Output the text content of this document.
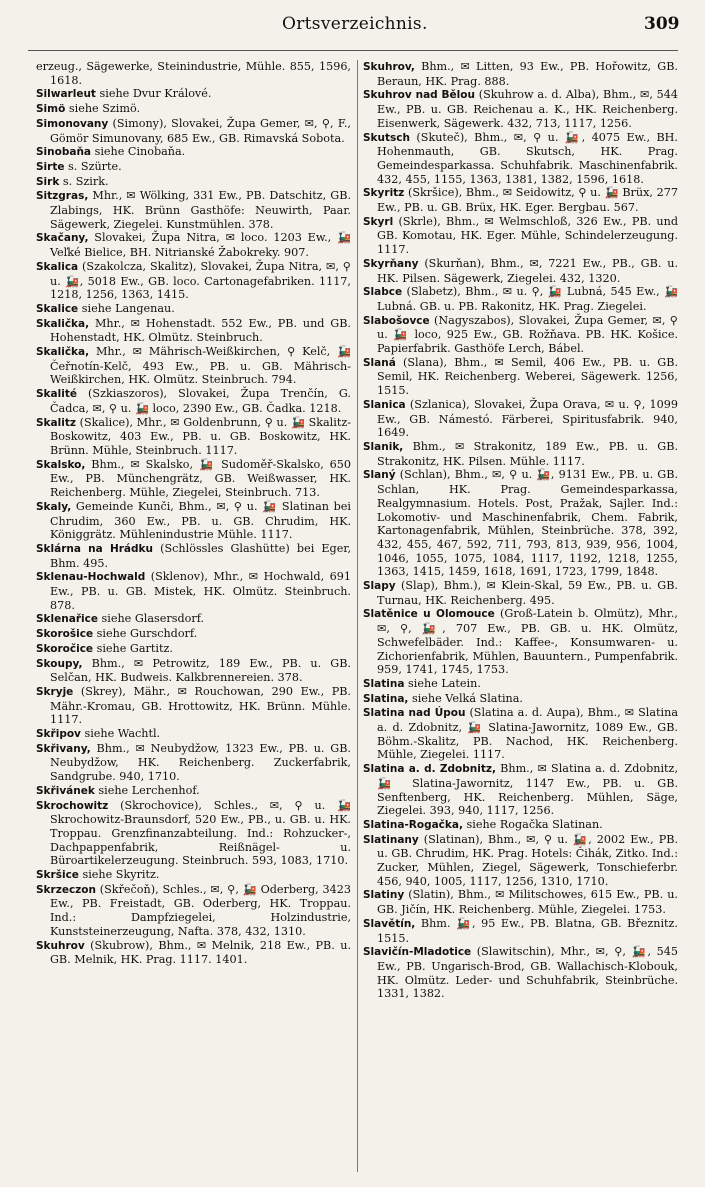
Ortsverzeichnis.	309

erzeug., Sägewerke, Steinindustrie, Mühle. 855, 1596, 1618.

Silwarleut siehe Dvur Králové.

Simö siehe Szimö.

Simonovany (Simony), Slovakei, Župa Gemer, ✉, ⚲, F., Gömör Simunovany, 685 Ew., GB. Rimavská Sobota.

Sinobaňa siehe Cinobaňa.

Sirte s. Szürte.

Sirk s. Szirk.

Sitzgras, Mhr., ✉ Wölking, 331 Ew., PB. Datschitz, GB. Zlabings, HK. Brünn Gasthöfe: Neuwirth, Paar. Sägewerk, Ziegelei. Kunstmühlen. 378.

Skačany, Slovakei, Župa Nitra, ✉ loco. 1203 Ew., 🚂 Veľké Bielice, BH. Nitrianské Žabokreky. 907.

Skalica (Szakolcza, Skalitz), Slovakei, Župa Nitra, ✉, ⚲ u. 🚂, 5018 Ew., GB. loco. Cartonagefabriken. 1117, 1218, 1256, 1363, 1415.

Skalice siehe Langenau.

Skalička, Mhr., ✉ Hohenstadt. 552 Ew., PB. und GB. Hohenstadt, HK. Olmütz. Steinbruch.

Skalička, Mhr., ✉ Mährisch-Weißkirchen, ⚲ Kelč, 🚂 Čeřnotín-Kelč, 493 Ew., PB. u. GB. Mährisch-Weißkirchen, HK. Olmütz. Steinbruch. 794.

Skalité (Szkiaszoros), Slovakei, Župa Trenčín, G. Čadca, ✉, ⚲ u. 🚂 loco, 2390 Ew., GB. Čadka. 1218.

Skalitz (Skalice), Mhr., ✉ Goldenbrunn, ⚲ u. 🚂 Skalitz-Boskowitz, 403 Ew., PB. u. GB. Boskowitz, HK. Brünn. Mühle, Steinbruch. 1117.

Skalsko, Bhm., ✉ Skalsko, 🚂 Sudoměř-Skalsko, 650 Ew., PB. Münchengrätz, GB. Weißwasser, HK. Reichenberg. Mühle, Ziegelei, Steinbruch. 713.

Skaly, Gemeinde Kunči, Bhm., ✉, ⚲ u. 🚂 Slatinan bei Chrudim, 360 Ew., PB. u. GB. Chrudim, HK. Königgrätz. Mühlenindustrie Mühle. 1117.

Sklárna na Hrádku (Schlössles Glashütte) bei Eger, Bhm. 495.

Sklenau-Hochwald (Sklenov), Mhr., ✉ Hochwald, 691 Ew., PB. u. GB. Mistek, HK. Olmütz. Steinbruch. 878.

Sklenařice siehe Glasersdorf.

Skorošice siehe Gurschdorf.

Skoročice siehe Gartitz.

Skoupy, Bhm., ✉ Petrowitz, 189 Ew., PB. u. GB. Selčan, HK. Budweis. Kalkbrennereien. 378.

Skryje (Skrey), Mähr., ✉ Rouchowan, 290 Ew., PB. Mähr.-Kromau, GB. Hrottowitz, HK. Brünn. Mühle. 1117.

Skřipov siehe Wachtl.

Skřivany, Bhm., ✉ Neubydžow, 1323 Ew., PB. u. GB. Neubydžow, HK. Reichenberg. Zuckerfabrik, Sandgrube. 940, 1710.

Skřivánek siehe Lerchenhof.

Skrochowitz (Skrochovice), Schles., ✉, ⚲ u. 🚂 Skrochowitz-Braunsdorf, 520 Ew., PB., u. GB. u. HK. Troppau. Grenzfinanzabteilung. Ind.: Rohzucker-, Dachpappenfabrik, Reißnägel- u. Büroartikelerzeugung. Steinbruch. 593, 1083, 1710.

Skršice siehe Skyritz.

Skrzeczon (Skřečoň), Schles., ✉, ⚲, 🚂 Oderberg, 3423 Ew., PB. Freistadt, GB. Oderberg, HK. Troppau. Ind.: Dampfziegelei, Holzindustrie, Kunststeinerzeugung, Nafta. 378, 432, 1310.

Skuhrov (Skubrow), Bhm., ✉ Melnik, 218 Ew., PB. u. GB. Melnik, HK. Prag. 1117. 1401.

Skuhrov, Bhm., ✉ Litten, 93 Ew., PB. Hořowitz, GB. Beraun, HK. Prag. 888.

Skuhrov nad Bělou (Skuhrow a. d. Alba), Bhm., ✉, 544 Ew., PB. u. GB. Reichenau a. K., HK. Reichenberg. Eisenwerk, Sägewerk. 432, 713, 1117, 1256.

Skutsch (Skuteč), Bhm., ✉, ⚲ u. 🚂, 4075 Ew., BH. Hohenmauth, GB. Skutsch, HK. Prag. Gemeindesparkassa. Schuhfabrik. Maschinenfabrik. 432, 455, 1155, 1363, 1381, 1382, 1596, 1618.

Skyritz (Skršice), Bhm., ✉ Seidowitz, ⚲ u. 🚂 Brüx, 277 Ew., PB. u. GB. Brüx, HK. Eger. Bergbau. 567.

Skyrl (Skrle), Bhm., ✉ Welmschloß, 326 Ew., PB. und GB. Komotau, HK. Eger. Mühle, Schindelerzeugung. 1117.

Skyrňany (Skurňan), Bhm., ✉, 7221 Ew., PB., GB. u. HK. Pilsen. Sägewerk, Ziegelei. 432, 1320.

Slabce (Slabetz), Bhm., ✉ u. ⚲, 🚂 Lubná, 545 Ew., 🚂 Lubná. GB. u. PB. Rakonitz, HK. Prag. Ziegelei.

Slabošovce (Nagyszabos), Slovakei, Župa Gemer, ✉, ⚲ u. 🚂 loco, 925 Ew., GB. Rožňava. PB. HK. Košice. Papierfabrik. Gasthöfe Lerch, Bábel.

Slaná (Slana), Bhm., ✉ Semil, 406 Ew., PB. u. GB. Semil, HK. Reichenberg. Weberei, Sägewerk. 1256, 1515.

Slanica (Szlanica), Slovakei, Župa Orava, ✉ u. ⚲, 1099 Ew., GB. Námestó. Färberei, Spiritusfabrik. 940, 1649.

Slanik, Bhm., ✉ Strakonitz, 189 Ew., PB. u. GB. Strakonitz, HK. Pilsen. Mühle. 1117.

Slaný (Schlan), Bhm., ✉, ⚲ u. 🚂, 9131 Ew., PB. u. GB. Schlan, HK. Prag. Gemeindesparkassa, Realgymnasium. Hotels. Post, Pražak, Sajler. Ind.: Lokomotiv- und Maschinenfabrik, Chem. Fabrik, Kartonagenfabrik, Mühlen, Steinbrüche. 378, 392, 432, 455, 467, 592, 711, 793, 813, 939, 956, 1004, 1046, 1055, 1075, 1084, 1117, 1192, 1218, 1255, 1363, 1415, 1459, 1618, 1691, 1723, 1799, 1848.

Slapy (Slap), Bhm.), ✉ Klein-Skal, 59 Ew., PB. u. GB. Turnau, HK. Reichenberg. 495.

Slatěnice u Olomouce (Groß-Latein b. Olmütz), Mhr., ✉, ⚲, 🚂, 707 Ew., PB. GB. u. HK. Olmütz, Schwefelbäder. Ind.: Kaffee-, Konsumwaren- u. Zichorienfabrik, Mühlen, Bauuntern., Pumpenfabrik. 959, 1741, 1745, 1753.

Slatina siehe Latein.

Slatina, siehe Velká Slatina.

Slatina nad Úpou (Slatina a. d. Aupa), Bhm., ✉ Slatina a. d. Zdobnitz, 🚂 Slatina-Jawornitz, 1089 Ew., GB. Böhm.-Skalitz, PB. Nachod, HK. Reichenberg. Mühle, Ziegelei. 1117.

Slatina a. d. Zdobnitz, Bhm., ✉ Slatina a. d. Zdobnitz, 🚂 Slatina-Jawornitz, 1147 Ew., PB. u. GB. Senftenberg, HK. Reichenberg. Mühlen, Säge, Ziegelei. 393, 940, 1117, 1256.

Slatina-Rogačka, siehe Rogačka Slatinan.

Slatinany (Slatinan), Bhm., ✉, ⚲ u. 🚂, 2002 Ew., PB. u. GB. Chrudim, HK. Prag. Hotels: Čihák, Zitko. Ind.: Zucker, Mühlen, Ziegel, Sägewerk, Tonschieferbr. 456, 940, 1005, 1117, 1256, 1310, 1710.

Slatiny (Slatin), Bhm., ✉ Militschowes, 615 Ew., PB. u. GB. Jičín, HK. Reichenberg. Mühle, Ziegelei. 1753.

Slavětín, Bhm. 🚂, 95 Ew., PB. Blatna, GB. Březnitz. 1515.

Slavičín-Mladotice (Slawitschin), Mhr., ✉, ⚲, 🚂, 545 Ew., PB. Ungarisch-Brod, GB. Wallachisch-Klobouk, HK. Olmütz. Leder- und Schuhfabrik, Steinbrüche. 1331, 1382.
